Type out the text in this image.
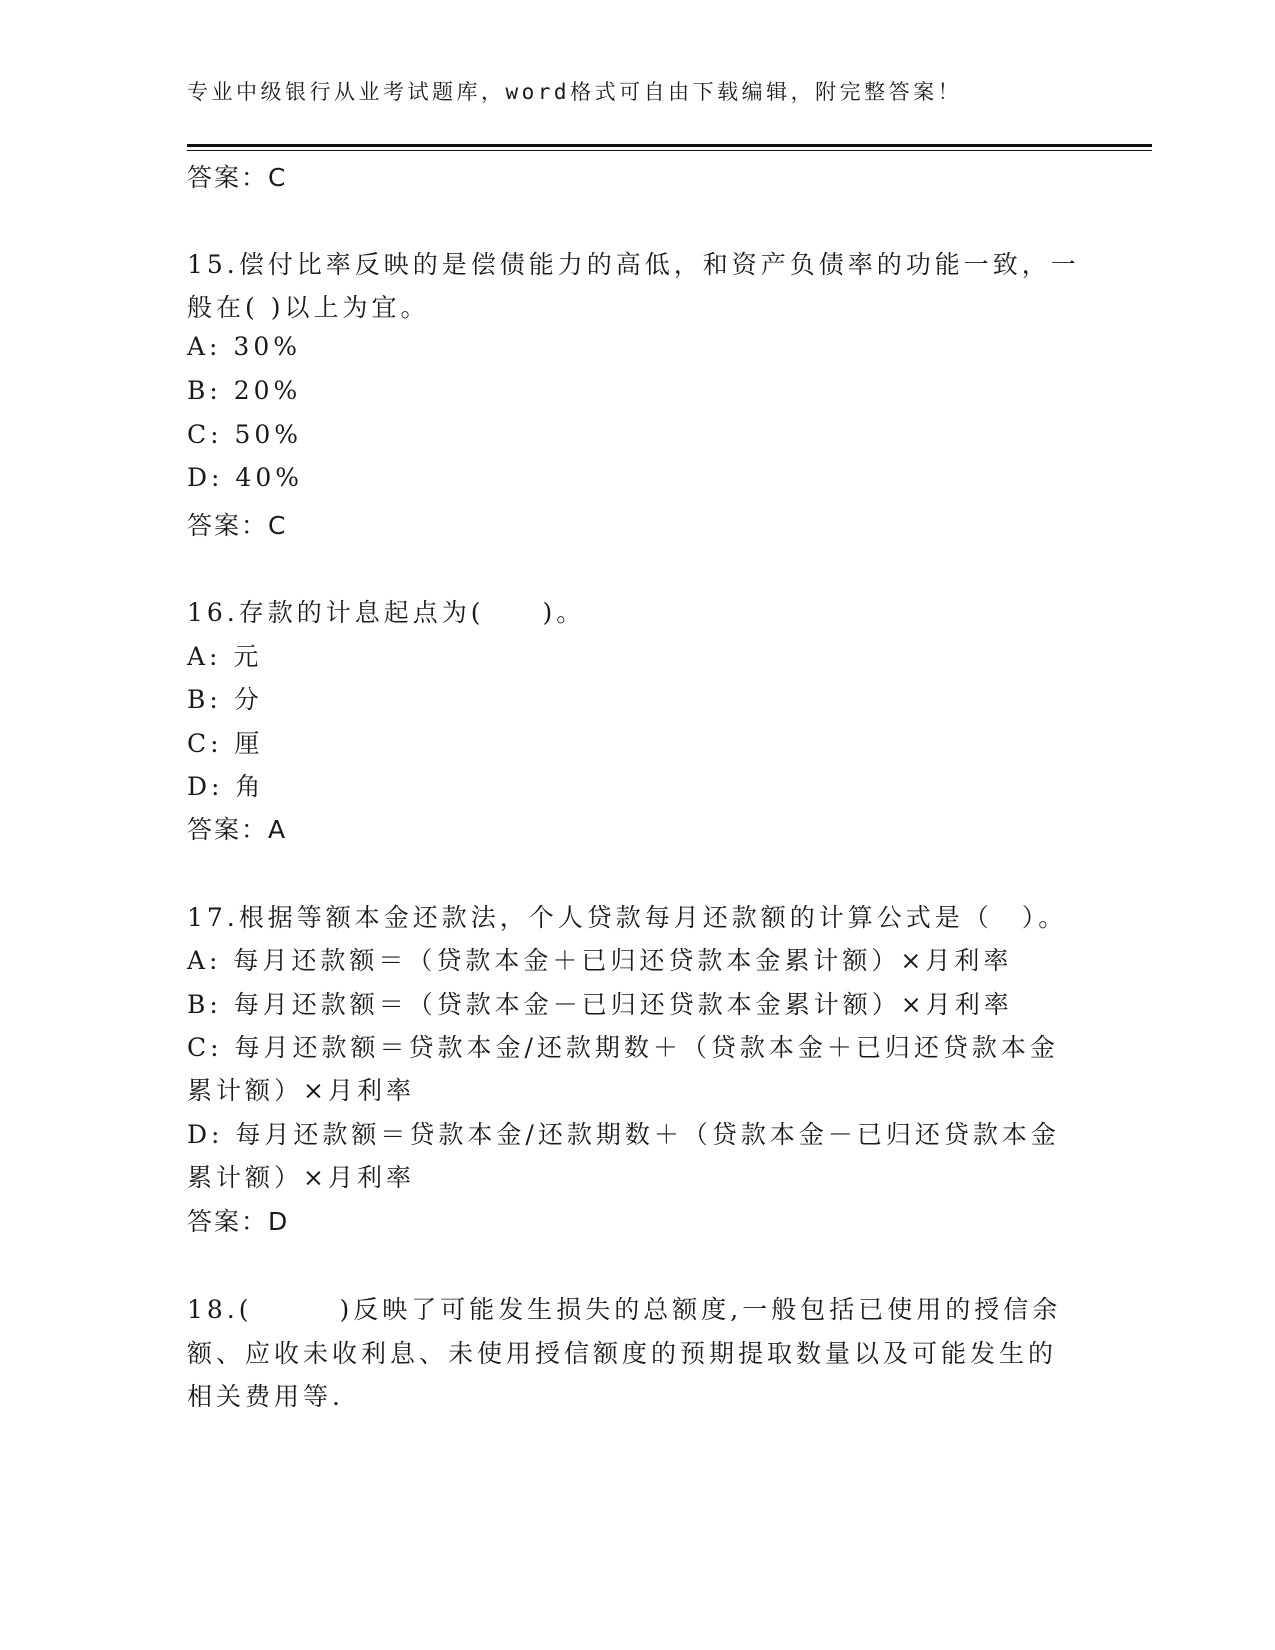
专业中级银行从业考试题库，word格式可自由下载编辑，附完整答案！
答案：C
15.偿付比率反映的是偿债能力的高低，和资产负债率的功能一致，一
般在( )以上为宜。
A: 30%
B: 20%
C: 50%
D: 40%
答案：C
16.存款的计息起点为(　　)。
A: 元
B: 分
C: 厘
D: 角
答案：A
17.根据等额本金还款法，个人贷款每月还款额的计算公式是（　）。
A: 每月还款额＝（贷款本金＋已归还贷款本金累计额）×月利率
B: 每月还款额＝（贷款本金－已归还贷款本金累计额）×月利率
C: 每月还款额＝贷款本金/还款期数＋（贷款本金＋已归还贷款本金
累计额）×月利率
D: 每月还款额＝贷款本金/还款期数＋（贷款本金－已归还贷款本金
累计额）×月利率
答案：D
18.(　　　)反映了可能发生损失的总额度,一般包括已使用的授信余
额、应收未收利息、未使用授信额度的预期提取数量以及可能发生的
相关费用等.
